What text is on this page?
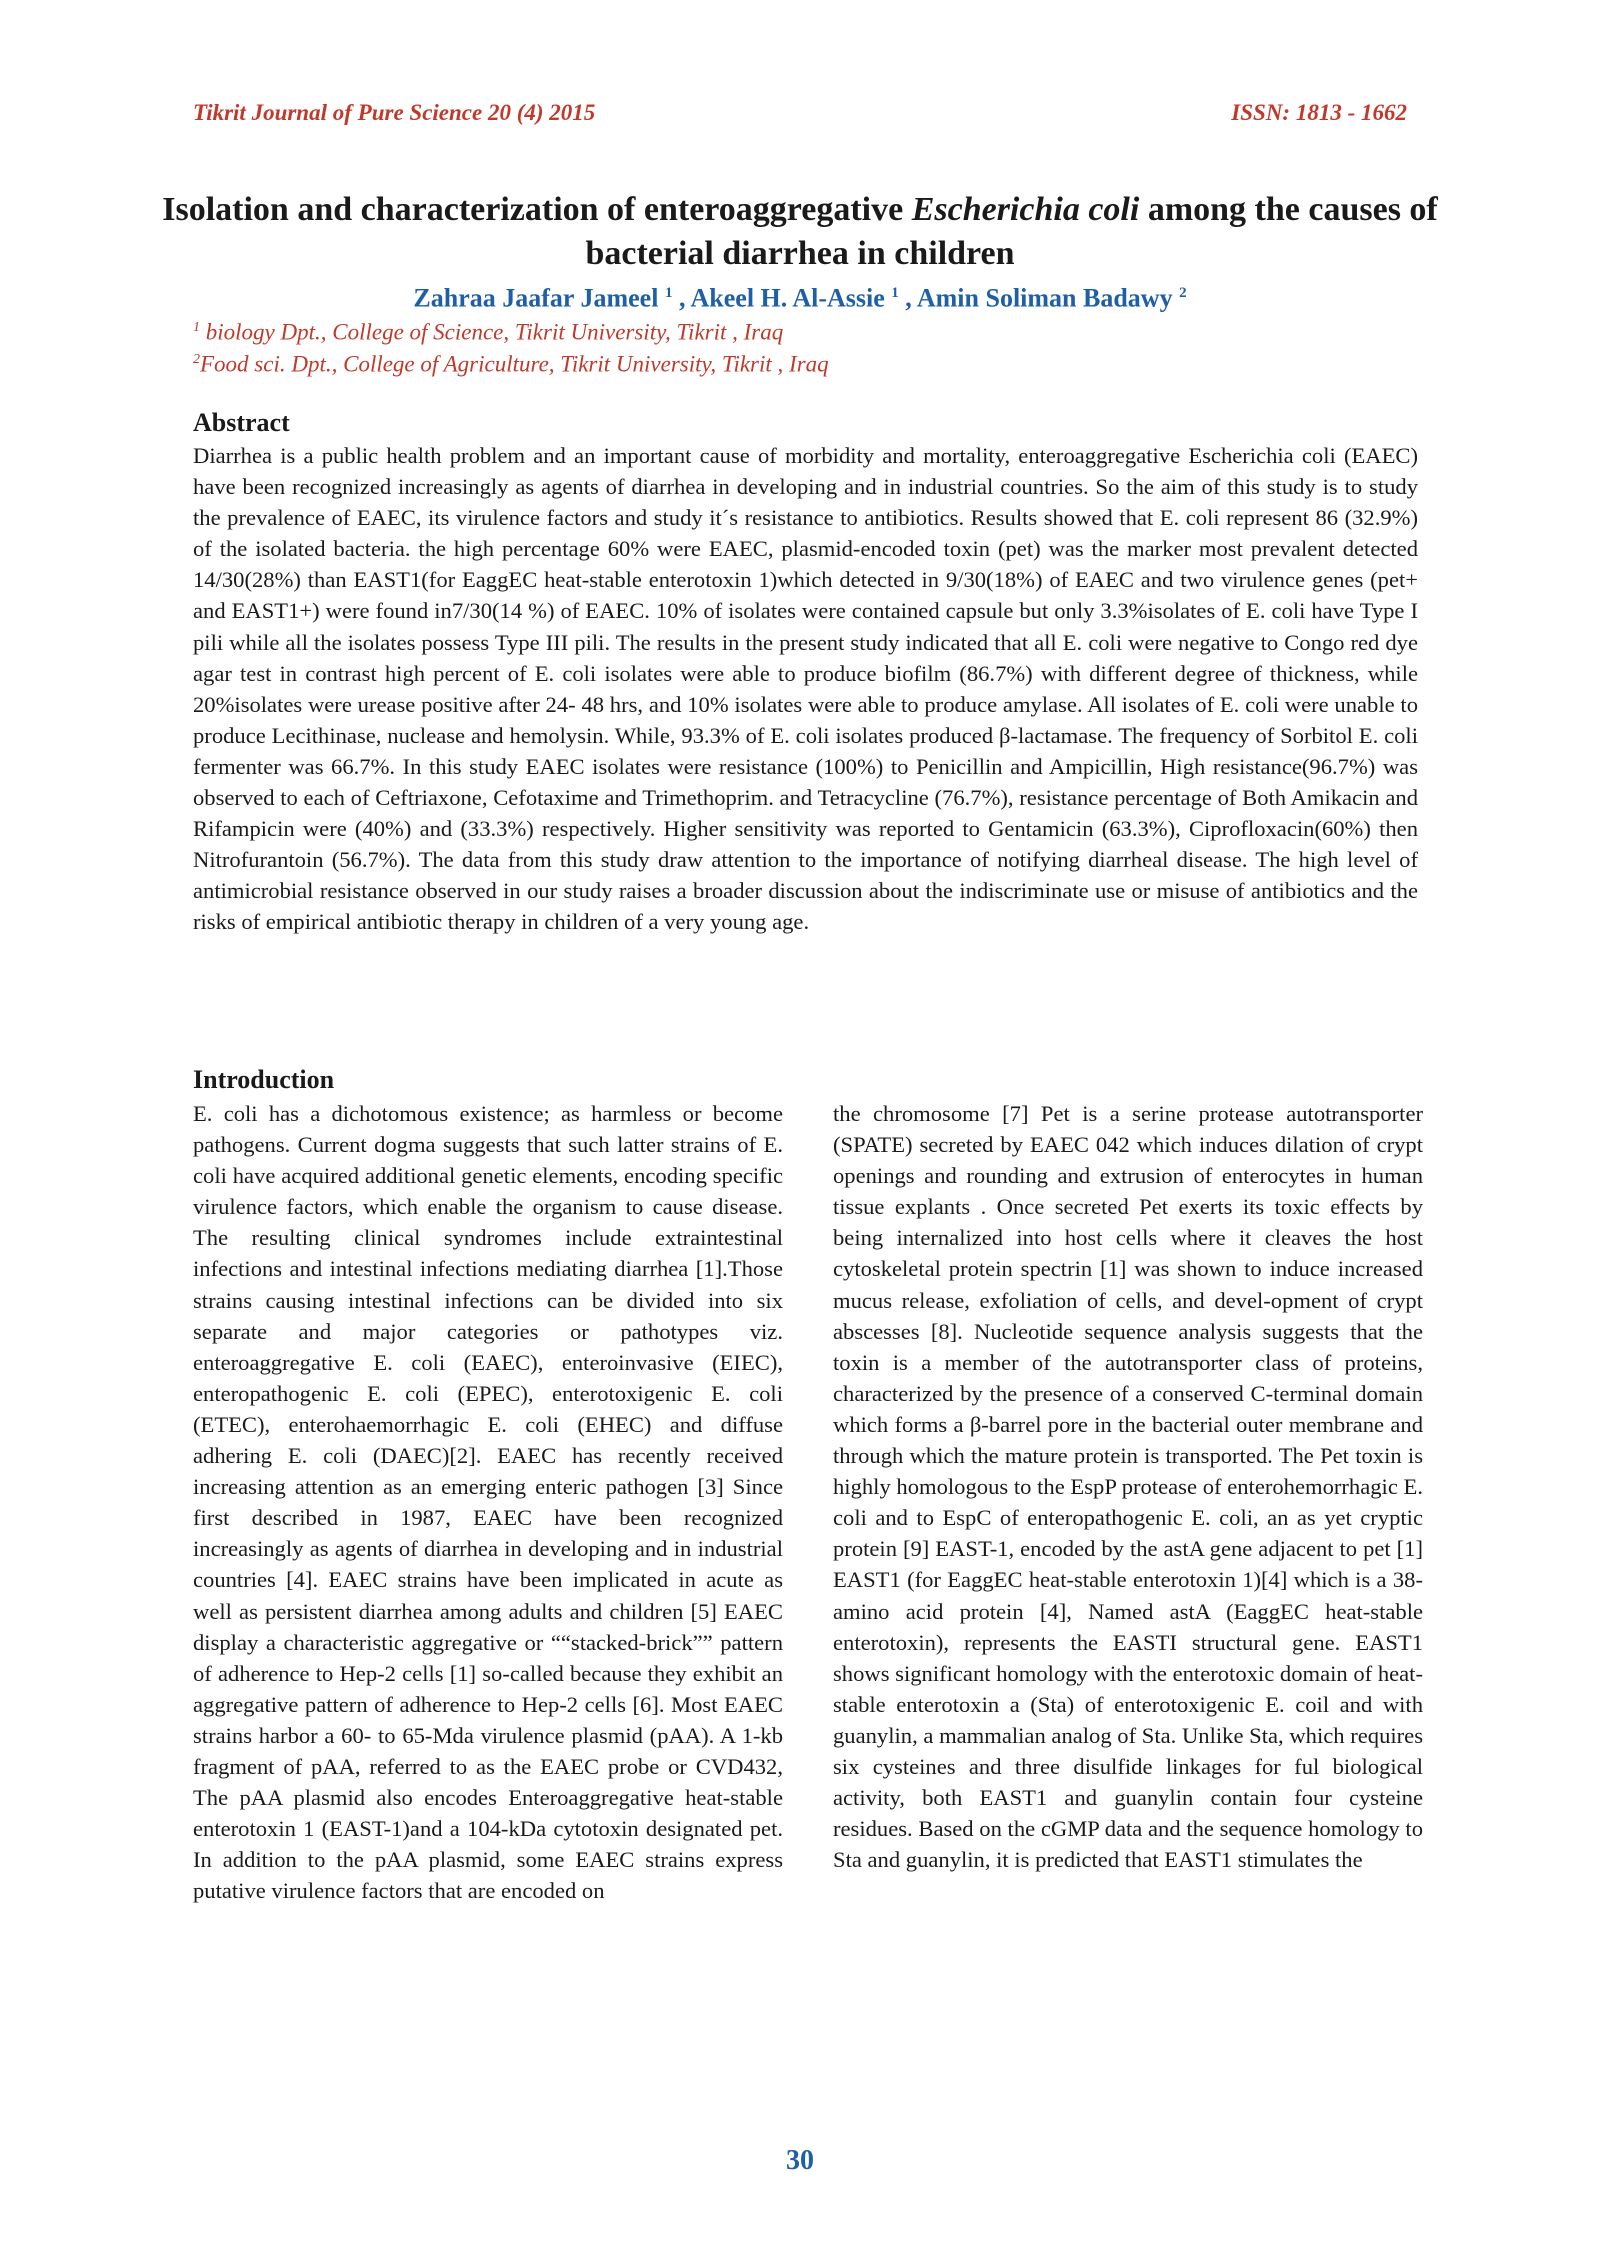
Tikrit Journal of Pure Science 20 (4) 2015	ISSN: 1813 - 1662
Isolation and characterization of enteroaggregative Escherichia coli among the causes of bacterial diarrhea in children
Zahraa Jaafar Jameel $^1$ , Akeel H. Al-Assie $^1$ , Amin Soliman Badawy $^2$
$^1$ biology Dpt., College of Science, Tikrit University, Tikrit , Iraq
$^2$Food sci. Dpt., College of Agriculture, Tikrit University, Tikrit , Iraq
Abstract

Diarrhea is a public health problem and an important cause of morbidity and mortality, enteroaggregative Escherichia coli (EAEC) have been recognized increasingly as agents of diarrhea in developing and in industrial countries. So the aim of this study is to study the prevalence of EAEC, its virulence factors and study it´s resistance to antibiotics. Results showed that E. coli represent 86 (32.9%) of the isolated bacteria. the high percentage 60% were EAEC, plasmid-encoded toxin (pet) was the marker most prevalent detected 14/30(28%) than EAST1(for EaggEC heat-stable enterotoxin 1)which detected in 9/30(18%) of EAEC and two virulence genes (pet+ and EAST1+) were found in7/30(14 %) of EAEC. 10% of isolates were contained capsule but only 3.3%isolates of E. coli have Type I pili while all the isolates possess Type III pili. The results in the present study indicated that all E. coli were negative to Congo red dye agar test in contrast high percent of E. coli isolates were able to produce biofilm (86.7%) with different degree of thickness, while 20%isolates were urease positive after 24- 48 hrs, and 10% isolates were able to produce amylase. All isolates of E. coli were unable to produce Lecithinase, nuclease and hemolysin. While, 93.3% of E. coli isolates produced β-lactamase. The frequency of Sorbitol E. coli fermenter was 66.7%. In this study EAEC isolates were resistance (100%) to Penicillin and Ampicillin, High resistance(96.7%) was observed to each of Ceftriaxone, Cefotaxime and Trimethoprim. and Tetracycline (76.7%), resistance percentage of Both Amikacin and Rifampicin were (40%) and (33.3%) respectively. Higher sensitivity was reported to Gentamicin (63.3%), Ciprofloxacin(60%) then Nitrofurantoin (56.7%). The data from this study draw attention to the importance of notifying diarrheal disease. The high level of antimicrobial resistance observed in our study raises a broader discussion about the indiscriminate use or misuse of antibiotics and the risks of empirical antibiotic therapy in children of a very young age.

Introduction

E. coli has a dichotomous existence; as harmless or become pathogens. Current dogma suggests that such latter strains of E. coli have acquired additional genetic elements, encoding specific virulence factors, which enable the organism to cause disease. The resulting clinical syndromes include extraintestinal infections and intestinal infections mediating diarrhea [1].Those strains causing intestinal infections can be divided into six separate and major categories or pathotypes viz. enteroaggregative E. coli (EAEC), enteroinvasive (EIEC), enteropathogenic E. coli (EPEC), enterotoxigenic E. coli (ETEC), enterohaemorrhagic E. coli (EHEC) and diffuse adhering E. coli (DAEC)[2]. EAEC has recently received increasing attention as an emerging enteric pathogen [3] Since first described in 1987, EAEC have been recognized increasingly as agents of diarrhea in developing and in industrial countries [4]. EAEC strains have been implicated in acute as well as persistent diarrhea among adults and children [5] EAEC display a characteristic aggregative or ““stacked-brick”” pattern of adherence to Hep-2 cells [1] so-called because they exhibit an aggregative pattern of adherence to Hep-2 cells [6]. Most EAEC strains harbor a 60- to 65-Mda virulence plasmid (pAA). A 1-kb fragment of pAA, referred to as the EAEC probe or CVD432, The pAA plasmid also encodes Enteroaggregative heat-stable enterotoxin 1 (EAST-1)and a 104-kDa cytotoxin designated pet. In addition to the pAA plasmid, some EAEC strains express putative virulence factors that are encoded on

the chromosome [7] Pet is a serine protease autotransporter (SPATE) secreted by EAEC 042 which induces dilation of crypt openings and rounding and extrusion of enterocytes in human tissue explants . Once secreted Pet exerts its toxic effects by being internalized into host cells where it cleaves the host cytoskeletal protein spectrin [1] was shown to induce increased mucus release, exfoliation of cells, and devel-opment of crypt abscesses [8]. Nucleotide sequence analysis suggests that the toxin is a member of the autotransporter class of proteins, characterized by the presence of a conserved C-terminal domain which forms a β-barrel pore in the bacterial outer membrane and through which the mature protein is transported. The Pet toxin is highly homologous to the EspP protease of enterohemorrhagic E. coli and to EspC of enteropathogenic E. coli, an as yet cryptic protein [9] EAST-1, encoded by the astA gene adjacent to pet [1] EAST1 (for EaggEC heat-stable enterotoxin 1)[4] which is a 38-amino acid protein [4], Named astA (EaggEC heat-stable enterotoxin), represents the EASTI structural gene. EAST1 shows significant homology with the enterotoxic domain of heat-stable enterotoxin a (Sta) of enterotoxigenic E. coil and with guanylin, a mammalian analog of Sta. Unlike Sta, which requires six cysteines and three disulfide linkages for ful biological activity, both EAST1 and guanylin contain four cysteine residues. Based on the cGMP data and the sequence homology to Sta and guanylin, it is predicted that EAST1 stimulates the

30
